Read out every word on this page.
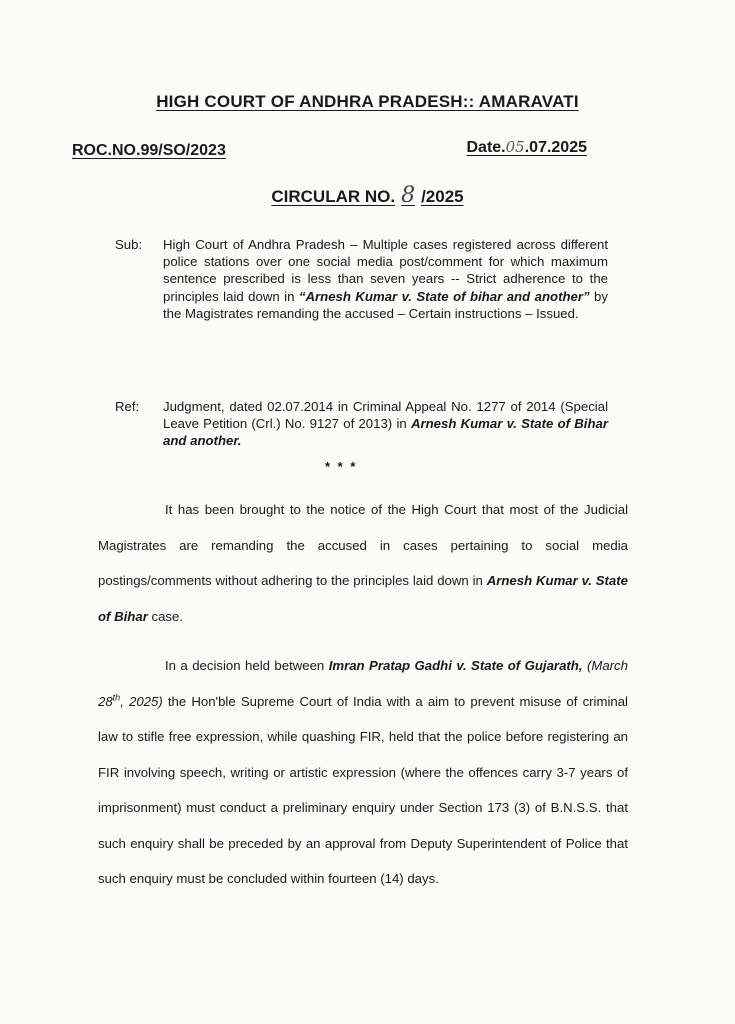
HIGH COURT OF ANDHRA PRADESH:: AMARAVATI
ROC.NO.99/SO/2023	Date.05.07.2025
CIRCULAR NO. 8 /2025
Sub: High Court of Andhra Pradesh – Multiple cases registered across different police stations over one social media post/comment for which maximum sentence prescribed is less than seven years -- Strict adherence to the principles laid down in “Arnesh Kumar v. State of bihar and another” by the Magistrates remanding the accused – Certain instructions – Issued.
Ref: Judgment, dated 02.07.2014 in Criminal Appeal No. 1277 of 2014 (Special Leave Petition (Crl.) No. 9127 of 2013) in Arnesh Kumar v. State of Bihar and another.
* * *
It has been brought to the notice of the High Court that most of the Judicial Magistrates are remanding the accused in cases pertaining to social media postings/comments without adhering to the principles laid down in Arnesh Kumar v. State of Bihar case.
In a decision held between Imran Pratap Gadhi v. State of Gujarath, (March 28th, 2025) the Hon'ble Supreme Court of India with a aim to prevent misuse of criminal law to stifle free expression, while quashing FIR, held that the police before registering an FIR involving speech, writing or artistic expression (where the offences carry 3-7 years of imprisonment) must conduct a preliminary enquiry under Section 173 (3) of B.N.S.S. that such enquiry shall be preceded by an approval from Deputy Superintendent of Police that such enquiry must be concluded within fourteen (14) days.
